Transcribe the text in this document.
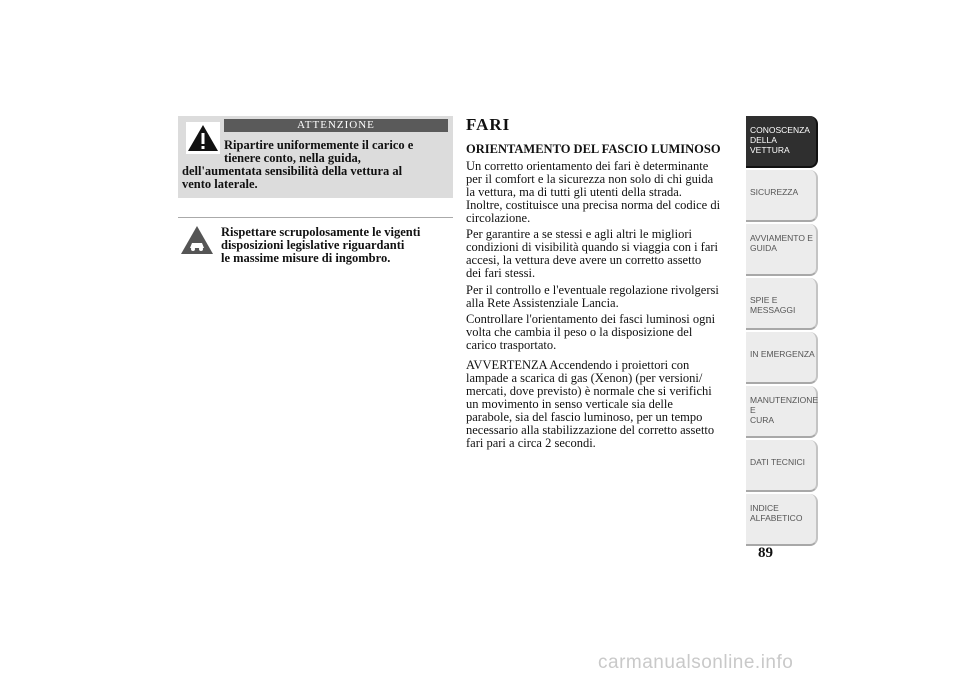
ATTENZIONE
Ripartire uniformemente il carico e
tienere conto, nella guida,
dell'aumentata sensibilità della vettura al
vento laterale.
Rispettare scrupolosamente le vigenti
disposizioni legislative riguardanti
le massime misure di ingombro.
FARI
ORIENTAMENTO DEL FASCIO LUMINOSO
Un corretto orientamento dei fari è determinante
per il comfort e la sicurezza non solo di chi guida
la vettura, ma di tutti gli utenti della strada.
Inoltre, costituisce una precisa norma del codice di
circolazione.
Per garantire a se stessi e agli altri le migliori
condizioni di visibilità quando si viaggia con i fari
accesi, la vettura deve avere un corretto assetto
dei fari stessi.
Per il controllo e l'eventuale regolazione rivolgersi
alla Rete Assistenziale Lancia.
Controllare l'orientamento dei fasci luminosi ogni
volta che cambia il peso o la disposizione del
carico trasportato.
AVVERTENZA Accendendo i proiettori con
lampade a scarica di gas (Xenon) (per versioni/
mercati, dove previsto) è normale che si verifichi
un movimento in senso verticale sia delle
parabole, sia del fascio luminoso, per un tempo
necessario alla stabilizzazione del corretto assetto
fari pari a circa 2 secondi.
CONOSCENZA
DELLA VETTURA
SICUREZZA
AVVIAMENTO E
GUIDA
SPIE E MESSAGGI
IN EMERGENZA
MANUTENZIONE E
CURA
DATI TECNICI
INDICE
ALFABETICO
89
carmanualsonline.info
